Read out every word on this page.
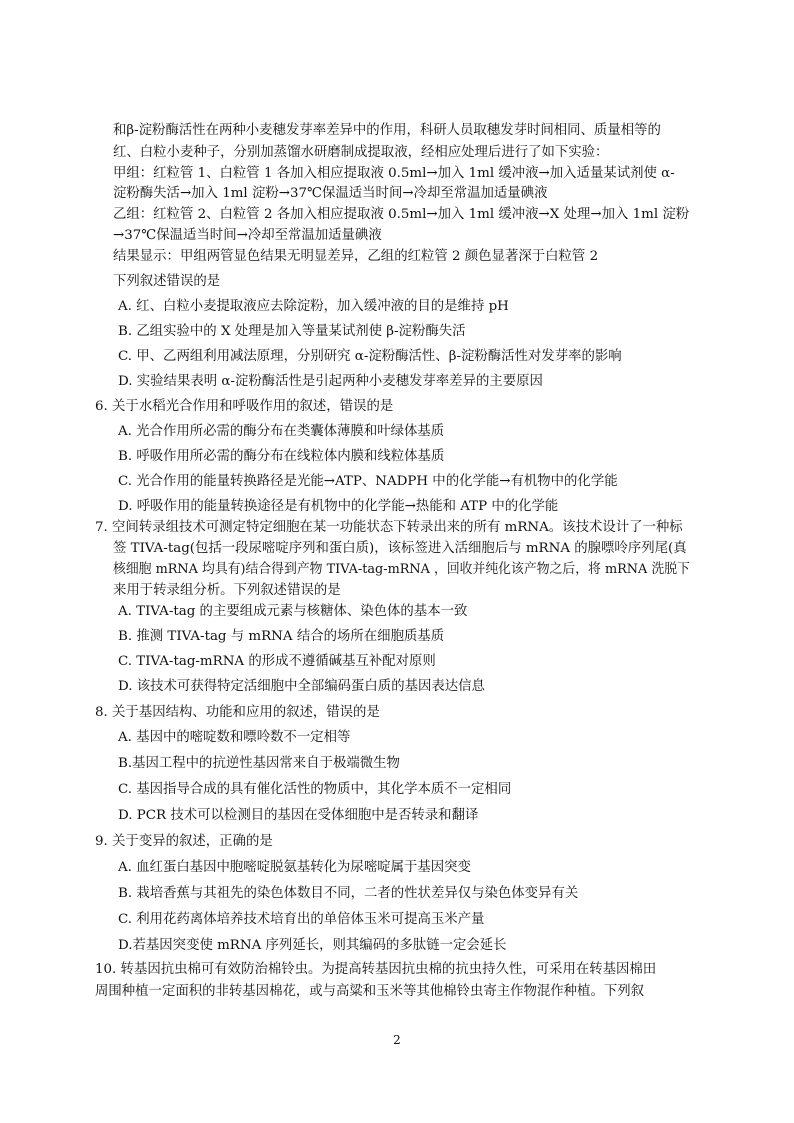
和β-淀粉酶活性在两种小麦穗发芽率差异中的作用，科研人员取穗发芽时间相同、质量相等的
红、白粒小麦种子，分别加蒸馏水研磨制成提取液，经相应处理后进行了如下实验：
甲组：红粒管 1、白粒管 1 各加入相应提取液 0.5ml→加入 1ml 缓冲液→加入适量某试剂使 α-
淀粉酶失活→加入 1ml 淀粉→37℃保温适当时间→冷却至常温加适量碘液
乙组：红粒管 2、白粒管 2 各加入相应提取液 0.5ml→加入 1ml 缓冲液→X 处理→加入 1ml 淀粉
→37℃保温适当时间→冷却至常温加适量碘液
结果显示：甲组两管显色结果无明显差异，乙组的红粒管 2 颜色显著深于白粒管 2
下列叙述错误的是
A. 红、白粒小麦提取液应去除淀粉，加入缓冲液的目的是维持 pH
B. 乙组实验中的 X 处理是加入等量某试剂使 β-淀粉酶失活
C. 甲、乙两组利用减法原理，分别研究 α-淀粉酶活性、β-淀粉酶活性对发芽率的影响
D. 实验结果表明 α-淀粉酶活性是引起两种小麦穗发芽率差异的主要原因
6. 关于水稻光合作用和呼吸作用的叙述，错误的是
A. 光合作用所必需的酶分布在类囊体薄膜和叶绿体基质
B. 呼吸作用所必需的酶分布在线粒体内膜和线粒体基质
C. 光合作用的能量转换路径是光能→ATP、NADPH 中的化学能→有机物中的化学能
D. 呼吸作用的能量转换途径是有机物中的化学能→热能和 ATP 中的化学能
7. 空间转录组技术可测定特定细胞在某一功能状态下转录出来的所有 mRNA。该技术设计了一种标
签 TIVA-tag(包括一段尿嘧啶序列和蛋白质)，该标签进入活细胞后与 mRNA 的腺嘌呤序列尾(真
核细胞 mRNA 均具有)结合得到产物 TIVA-tag-mRNA ，回收并纯化该产物之后，将 mRNA 洗脱下
来用于转录组分析。下列叙述错误的是
A. TIVA-tag 的主要组成元素与核糖体、染色体的基本一致
B. 推测 TIVA-tag 与 mRNA 结合的场所在细胞质基质
C. TIVA-tag-mRNA 的形成不遵循碱基互补配对原则
D. 该技术可获得特定活细胞中全部编码蛋白质的基因表达信息
8. 关于基因结构、功能和应用的叙述，错误的是
A. 基因中的嘧啶数和嘌呤数不一定相等
B.基因工程中的抗逆性基因常来自于极端微生物
C. 基因指导合成的具有催化活性的物质中，其化学本质不一定相同
D. PCR 技术可以检测目的基因在受体细胞中是否转录和翻译
9. 关于变异的叙述，正确的是
A. 血红蛋白基因中胞嘧啶脱氨基转化为尿嘧啶属于基因突变
B. 栽培香蕉与其祖先的染色体数目不同，二者的性状差异仅与染色体变异有关
C. 利用花药离体培养技术培育出的单倍体玉米可提高玉米产量
D.若基因突变使 mRNA 序列延长，则其编码的多肽链一定会延长
10. 转基因抗虫棉可有效防治棉铃虫。为提高转基因抗虫棉的抗虫持久性，可采用在转基因棉田
周围种植一定面积的非转基因棉花，或与高粱和玉米等其他棉铃虫寄主作物混作种植。下列叙
2
